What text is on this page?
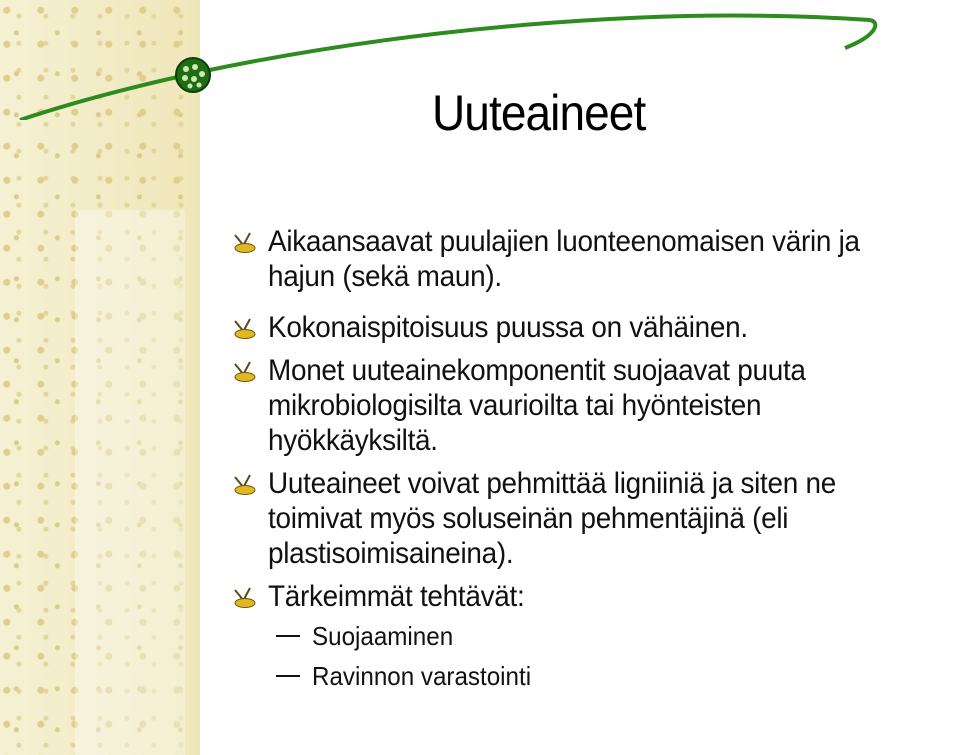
Uuteaineet
Aikaansaavat puulajien luonteenomaisen värin ja
hajun (sekä maun).
Kokonaispitoisuus puussa on vähäinen.
Monet uuteainekomponentit suojaavat puuta
mikrobiologisilta vaurioilta tai hyönteisten
hyökkäyksiltä.
Uuteaineet voivat pehmittää ligniiniä ja siten ne
toimivat myös soluseinän pehmentäjinä (eli
plastisoimisaineina).
Tärkeimmät tehtävät:
Suojaaminen
Ravinnon varastointi
